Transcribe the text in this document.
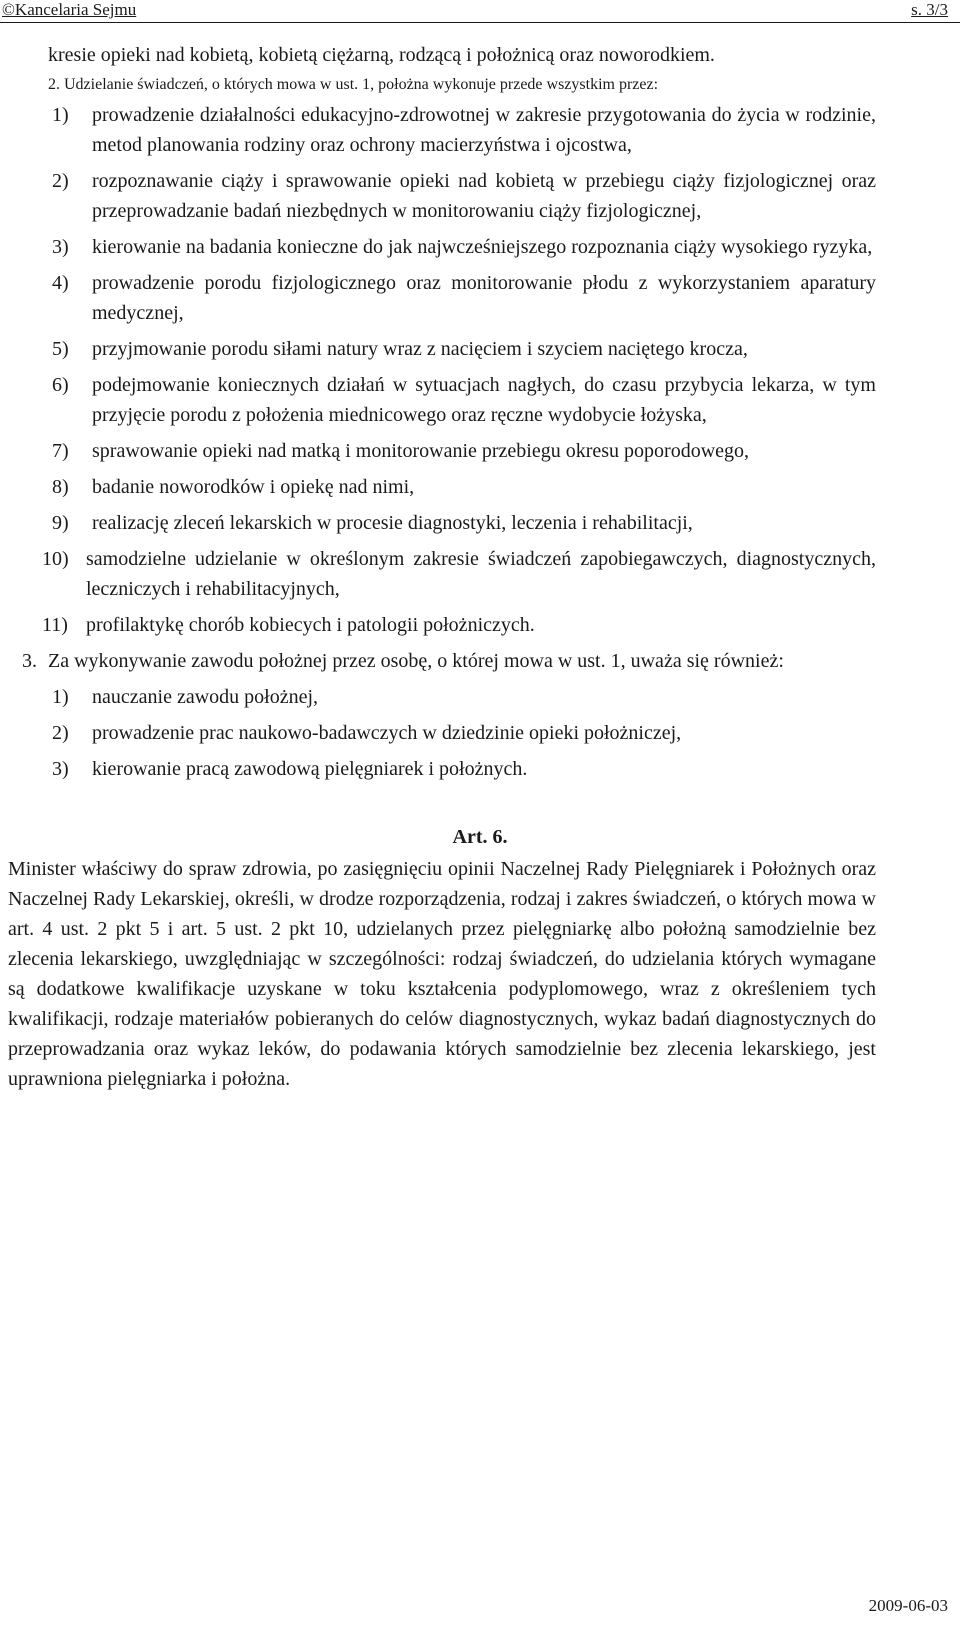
©Kancelaria Sejmu	s. 3/3
kresie opieki nad kobietą, kobietą ciężarną, rodzącą i położnicą oraz noworodkiem.
2. Udzielanie świadczeń, o których mowa w ust. 1, położna wykonuje przede wszystkim przez:
1) prowadzenie działalności edukacyjno-zdrowotnej w zakresie przygotowania do życia w rodzinie, metod planowania rodziny oraz ochrony macierzyństwa i ojcostwa,
2) rozpoznawanie ciąży i sprawowanie opieki nad kobietą w przebiegu ciąży fizjologicznej oraz przeprowadzanie badań niezbędnych w monitorowaniu ciąży fizjologicznej,
3) kierowanie na badania konieczne do jak najwcześniejszego rozpoznania ciąży wysokiego ryzyka,
4) prowadzenie porodu fizjologicznego oraz monitorowanie płodu z wykorzystaniem aparatury medycznej,
5) przyjmowanie porodu siłami natury wraz z nacięciem i szyciem naciętego krocza,
6) podejmowanie koniecznych działań w sytuacjach nagłych, do czasu przybycia lekarza, w tym przyjęcie porodu z położenia miednicowego oraz ręczne wydobycie łożyska,
7) sprawowanie opieki nad matką i monitorowanie przebiegu okresu poporodowego,
8) badanie noworodków i opiekę nad nimi,
9) realizację zleceń lekarskich w procesie diagnostyki, leczenia i rehabilitacji,
10) samodzielne udzielanie w określonym zakresie świadczeń zapobiegawczych, diagnostycznych, leczniczych i rehabilitacyjnych,
11) profilaktykę chorób kobiecych i patologii położniczych.
3. Za wykonywanie zawodu położnej przez osobę, o której mowa w ust. 1, uważa się również:
1) nauczanie zawodu położnej,
2) prowadzenie prac naukowo-badawczych w dziedzinie opieki położniczej,
3) kierowanie pracą zawodową pielęgniarek i położnych.
Art. 6.
Minister właściwy do spraw zdrowia, po zasięgnięciu opinii Naczelnej Rady Pielęgniarek i Położnych oraz Naczelnej Rady Lekarskiej, określi, w drodze rozporządzenia, rodzaj i zakres świadczeń, o których mowa w art. 4 ust. 2 pkt 5 i art. 5 ust. 2 pkt 10, udzielanych przez pielęgniarkę albo położną samodzielnie bez zlecenia lekarskiego, uwzględniając w szczególności: rodzaj świadczeń, do udzielania których wymagane są dodatkowe kwalifikacje uzyskane w toku kształcenia podyplomowego, wraz z określeniem tych kwalifikacji, rodzaje materiałów pobieranych do celów diagnostycznych, wykaz badań diagnostycznych do przeprowadzania oraz wykaz leków, do podawania których samodzielnie bez zlecenia lekarskiego, jest uprawniona pielęgniarka i położna.
2009-06-03
